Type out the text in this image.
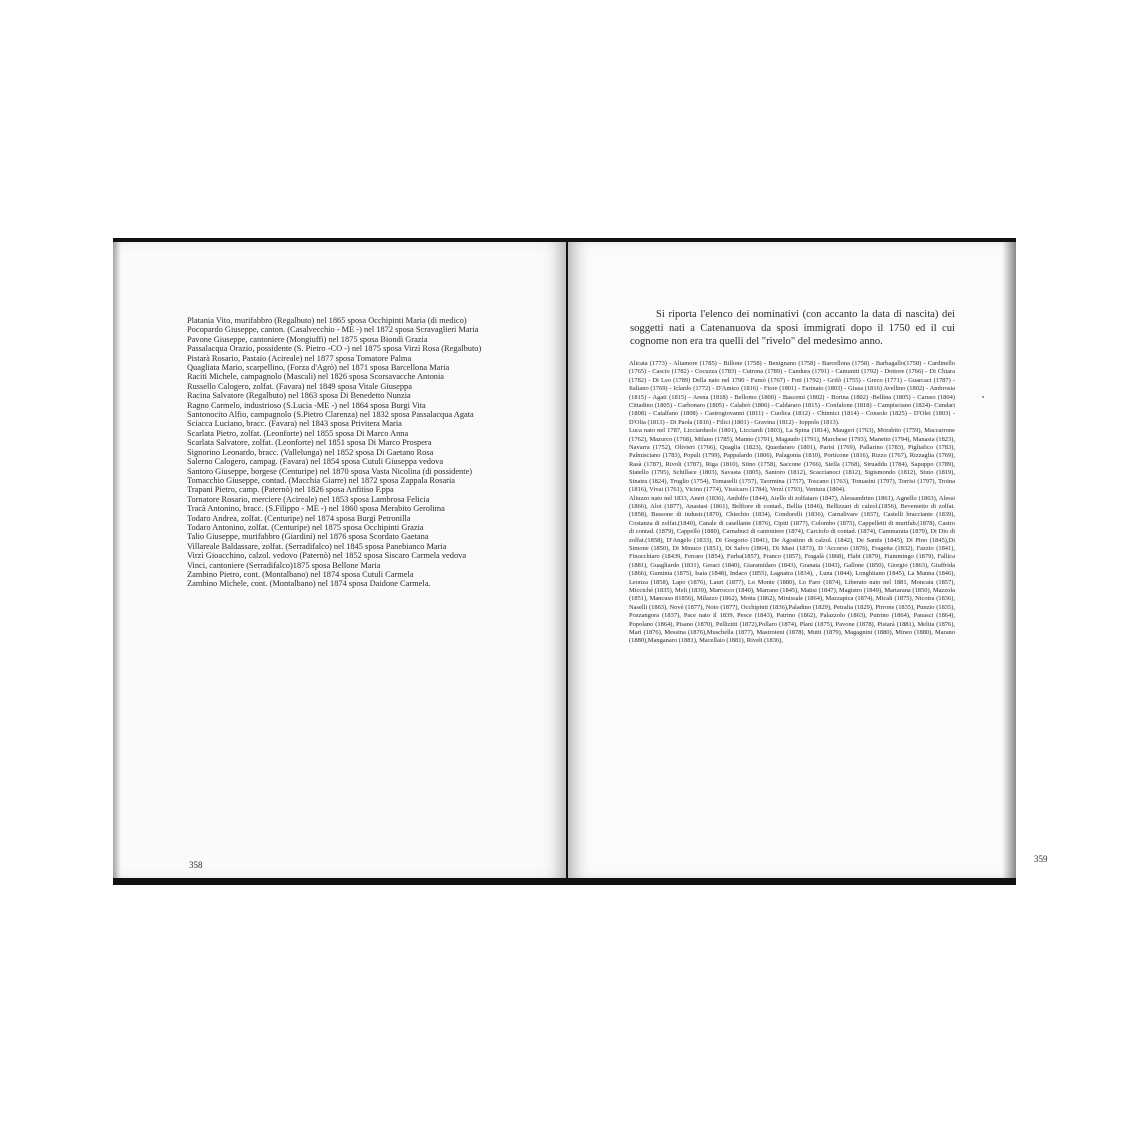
Platania Vito, murifabbro (Regalbuto) nel 1865 sposa Occhipinti Maria (di medico)

Pocopardo Giuseppe, canton. (Casalvecchio - ME -) nel 1872 sposa Scravaglieri Maria

Pavone Giuseppe, cantoniere (Mongiuffi) nel 1875 sposa Biondi Grazia

Passalacqua Orazio, possidente (S. Pietro -CO -) nel 1875 sposa Virzì Rosa (Regalbuto)

Pistarà Rosario, Pastaio (Acireale) nel 1877 sposa Tomatore Palma

Quagliata Mario, scarpellino, (Forza d'Agrò) nel 1871 sposa Barcellona Maria

Raciti Michele, campagnolo (Mascali) nel 1826 sposa Scorsavacche Antonia

Russello Calogero, zolfat. (Favara) nel 1849 sposa Vitale Giuseppa

Racina Salvatore (Regalbuto) nel 1863 sposa Di Benedetto Nunzia

Ragno Carmelo, industrioso (S.Lucia -ME -) nel 1864 sposa Burgi Vita

Santonocito Alfio, campagnolo (S.Pietro Clarenza) nel 1832 sposa Passalacqua Agata

Sciacca Luciano, bracc. (Favara) nel 1843 sposa Privitera Maria

Scarlata Pietro, zolfat. (Leonforte) nel 1855 sposa Di Marco Anna

Scarlata Salvatore, zolfat. (Leonforte) nel 1851 sposa Di Marco Prospera

Signorino Leonardo, bracc. (Vallelunga) nel 1852 sposa Di Gaetano Rosa

Salerno Calogero, campag. (Favara) nel 1854 sposa Cutuli Giuseppa vedova

Santoro Giuseppe, borgese (Centuripe) nel 1870 sposa Vasta Nicolina (di possidente)

Tomacchio Giuseppe, contad. (Macchia Giarre) nel 1872 sposa Zappala Rosaria

Trapani Pietro, camp. (Paternò) nel 1826 sposa Anfitiso F.ppa

Tornatore Rosario, merciere (Acireale) nel 1853 sposa Lambrosa Felicia

Tracà Antonino, bracc. (S.Filippo - ME -) nel 1860 sposa Merabito Gerolima

Todaro Andrea, zolfat. (Centuripe) nel 1874 sposa Burgì Petronilla

Todaro Antonino, zolfat. (Centuripe) nel 1875 sposa Occhipinti Grazia

Talio Giuseppe, murifabbro (Giardini) nel 1876 sposa Scordato Gaetana

Villareale Baldassare, zolfat. (Serradifalco) nel 1845 sposa Panebianco Maria

Virzì Gioacchino, calzol. vedovo (Paternò) nel 1852 sposa Siscaro Carmela vedova

Vinci, cantoniere (Serradifalco)1875 sposa Bellone Maria

Zambino Pietro, cont. (Montalbano) nel 1874 sposa Cutuli Carmela

Zambino Michele, cont. (Montalbano) nel 1874 sposa Daidone Carmela.

358
Si riporta l'elenco dei nominativi (con accanto la data di nascita) dei soggetti nati a Catenanuova da sposi immigrati dopo il 1750 ed il cui cognome non era tra quelli del "rivelo" del medesimo anno.

Alicata (1773) - Altamore (1785) - Billone (1758) - Benignano (1758) - Barcellona (1758) - Barbagallo(1758) - Cardinello (1765) - Cascio (1782) - Cocuzza (1783) - Cutrona (1789) - Candura (1791) - Camuniti (1792) - Dottore (1766) - Di Chiara (1782) - Di Leo (1789) Della nato nel 1790 - Fumò (1767) - Foti (1792) - Grifò (1755) - Greco (1771) - Guarcaci (1787) - Italiano (1769) - Iclardo (1772) - D'Amico (1816) - Fiore (1801) - Farinato (1803) - Giusa (1816) Avellino (1802) - Ambrosia (1815) - Agati (1815) - Arena (1818) - Bellomo (1800) - Bascemi (1802) - Borina (1802) -Bellina (1805) - Caruso (1804) Cittadino (1805) - Carbonaro (1805) - Calabrò (1806) - Caldararo (1815) - Confalone (1818) - Campisciano (1824)- Cundari (1808) - Catalfano (1808) - Castrogiovanni (1811) - Cuolica (1812) - Chinnici (1814) - Consolo (1825) - D'Olei (1803) - D'Olia (1813) - Di Paola (1816) - Filici (1801) - Gravina (1812) - Ioppolo (1813).

Luca nato nel 1787, Licciarduolo (1801), Licciardi (1803), La Spina (1814), Maugeri (1763), Morabito (1759), Maccarrone (1762), Mazurco (1768), Milano (1785), Manno (1791), Magaudo (1791), Marchese (1793), Manetto (1794), Manasia (1823), Navarra (1752), Olivieri (1766), Quaglia (1823), Quardararo (1801), Parisi (1769), Pallarino (1783), Pigliafico (1783), Palmisciano (1783), Populi (1799), Pappalardo (1806), Palagonia (1810), Porticone (1816), Rizzo (1767), Rizzaglia (1769), Rasà (1787), Rivoli (1787), Riga (1810), Siino (1758), Saccone (1766), Stella (1768), Siruaddu (1784), Sapuppo (1789), Statello (1795), Schillace (1803), Savasta (1805), Santoro (1812), Scaccianoci (1812), Sigismondo (1812), Stuto (1819), Sinatra (1824), Truglio (1754), Tomaselli (1757), Taormina (1757), Toscano (1763), Tomasini (1797), Torrisi (1797), Troina (1816), Vivai (1761), Vicino (1774), Vissicaro (1784), Verzì (1793), Ventura (1804).

Aliuzzo nato nel 1833, Aneri (1836), Andolfo (1844), Aiello di zolfataro (1847), Alessandrino (1861), Agnello (1863), Alessi (1866), Aloi (1877), Anastasi (1861), Belfiore di contad., Bellia (1846), Bellizzari di calzol.(1856), Bevemetto di zolfat.(1858), Bussone di industr.(1870), Chiechio (1834), Condorelli (1836), Carnalivare (1837), Castelli bracciante (1839), Costanza di zolfat.(1840), Canale di casellante (1876), Cipiti (1877), Colombo (1875), Cappelletti di murifab.(1878), Castro di contad. (1879), Cappello (1880), Carnabuci di cantoniere (1874), Carciofo di contad. (1874), Cammarata (1879), Di Dio di zolfat.(1858), D'Angelo (1833), Di Gregorio (1841), De Agostino di calzol. (1842), De Santis (1845), Di Pino (1845),Di Simone (1850), Di Minuco (1851), Di Salvo (1864), Di Masi (1873), D 'Accorso (1876), Fragetta (1832), Fazzio (1841), Finocchiaro (18439, Ferraro (1854), Furba(1857), Franco (1857), Fragalà (1868), Flabi (1879), Fiammingo (1879), Fallica (1881), Guagliardo (1831), Geraci (1840), Giaramidaro (1843), Granata (1843), Gallone (1850), Giorgio (1863), Giuffrida (1866), Guminia (1875), Isaia (1848), Indaco (1855), Lagnatra (1834), , Luna (1844), Longhitano (1845), La Manna (1846), Leonza (1858), Lapo (1876), Lauri (1877), Lo Monte (1880), Lo Faro (1874), Liberato nato nel 1881, Moncata (1857), Micciché (1835), Meli (1839), Marrocco (1840), Marrano (1845), Matisi (1847), Magistro (1849), Martarana (1850), Mazzola (1851), Mancuso 81856), Milazzo (1862), Motta (1862), Minissale (1864), Mazzapica (1874), Micali (1875), Nicotra (1836), Naselli (1863), Novè (1877), Noto (1877), Occhipinti (1836),Paladino (1829), Petralia (1829), Pirrone (1835), Punzio (1835), Pozzangora (1837), Pace nato il 1839, Pesce (1843), Patrino (1862), Palazzolo (1863), Putrino (1864), Panasci (1864), Popolano (1864), Pisano (1870), Pellizitti (1872),Pollaro (1874), Plani (1875), Pavone (1878), Pistarà (1881), Melita (1876), Mari (1876), Messina (1876),Muschella (1877), Mastroieni (1878), Mutti (1879), Magagnini (1880), Mineo (1880), Marano (1880),Manganaro (1881), Macellaio (1881), Riveli (1836),

359
